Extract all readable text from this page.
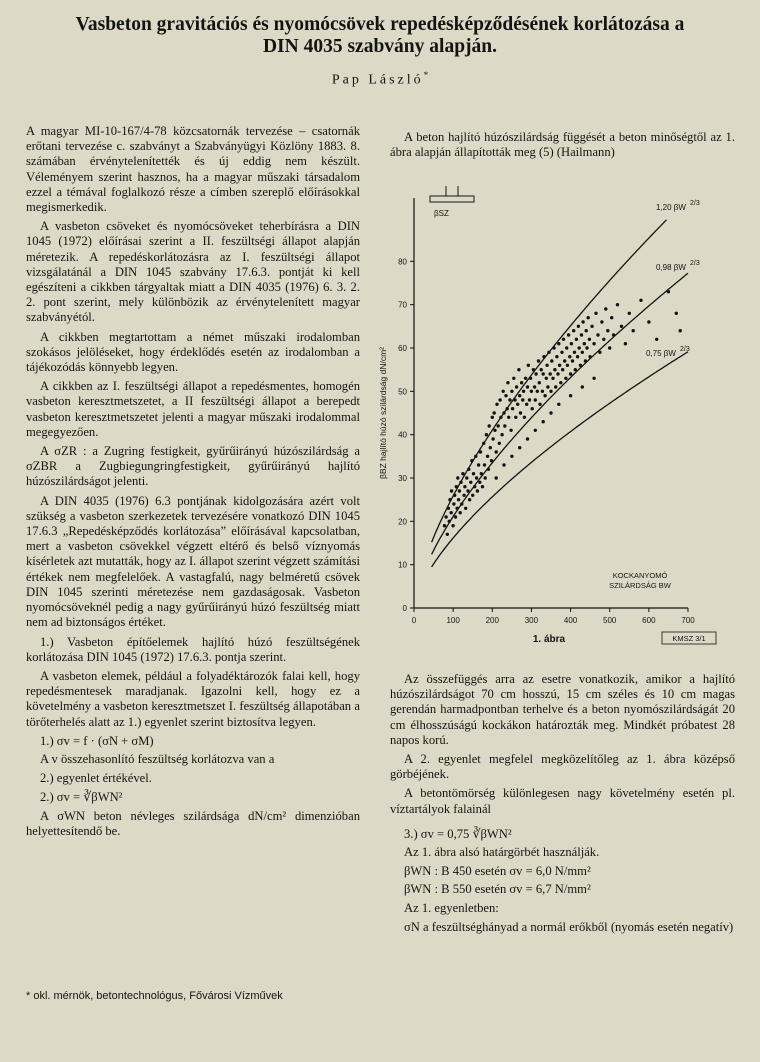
Vasbeton gravitációs és nyomócsövek repedésképződésének korlátozása a
DIN 4035 szabvány alapján.
Pap László*

A magyar MI-10-167/4-78 közcsatornák tervezése – csatornák erőtani tervezése c. szabványt a Szabványügyi Közlöny 1883. 8. számában érvénytelenítették és új eddig nem készült. Véleményem szerint hasznos, ha a magyar műszaki társadalom ezzel a témával foglalkozó része a címben szereplő előírásokkal megismerkedik.

A vasbeton csöveket és nyomócsöveket teherbírásra a DIN 1045 (1972) előírásai szerint a II. feszültségi állapot alapján méretezik. A repedéskorlátozásra az I. feszültségi állapot vizsgálatánál a DIN 1045 szabvány 17.6.3. pontját ki kell egészíteni a cikkben tárgyaltak miatt a DIN 4035 (1976) 6. 3. 2. 2. pont szerint, mely különbözik az érvénytelenített magyar szabványétól.

A cikkben megtartottam a német műszaki irodalomban szokásos jelöléseket, hogy érdeklődés esetén az irodalomban a tájékozódás könnyebb legyen.

A cikkben az I. feszültségi állapot a repedésmentes, homogén vasbeton keresztmetszetet, a II feszültségi állapot a berepedt vasbeton keresztmetszetet jelenti a magyar műszaki irodalommal megegyezően.

A σZR : a Zugring festigkeit, gyűrűirányú húzószilárdság a σZBR a Zugbiegungringfestigkeit, gyűrűirányú hajlító húzószilárdságot jelenti.

A DIN 4035 (1976) 6.3 pontjának kidolgozására azért volt szükség a vasbeton szerkezetek tervezésére vonatkozó DIN 1045 17.6.3 „Repedésképződés korlátozása” előírásával kapcsolatban, mert a vasbeton csövekkel végzett eltérő és belső víznyomás kísérletek azt mutatták, hogy az I. állapot szerint végzett számítási értékek nem megfelelőek. A vastagfalú, nagy belméretű csövek DIN 1045 szerinti méretezése nem gazdaságosak. Vasbeton nyomócsöveknél pedig a nagy gyűrűirányú húzó feszültség miatt nem ad biztonságos értéket.

1.) Vasbeton építőelemek hajlító húzó feszültségének korlátozása DIN 1045 (1972) 17.6.3. pontja szerint.

A vasbeton elemek, például a folyadéktározók falai kell, hogy repedésmentesek maradjanak. Igazolni kell, hogy ez a követelmény a vasbeton keresztmetszet I. feszültség állapotában a törőterhelés alatt az 1.) egyenlet szerint biztosítva legyen.

1.) σv = f · (σN + σM)
A v összehasonlító feszültség korlátozva van a
2.) egyenlet értékével.
2.) σv = ∛βWN²

A σWN beton névleges szilárdsága dN/cm² dimenzióban helyettesítendő be.

* okl. mérnök, betontechnológus, Fővárosi Vízművek

A beton hajlító húzószilárdság függését a beton minőségtől az 1. ábra alapján állapították meg (5) (Hailmann)

0	100	200	300	400	500	600	700
0
10
20
30
40
50
60
70
80
1,20 βW 2/3
0,98 βW 2/3
0,75 βW 2/3
βBZ hajlító húzó szilárdság dN/cm²
KOCKANYOMÓ
SZILÁRDSÁG ΒW
1. ábra	KMSZ 3/1
βSZ

Az összefüggés arra az esetre vonatkozik, amikor a hajlító húzószilárdságot 70 cm hosszú, 15 cm széles és 10 cm magas gerendán harmadpontban terhelve és a beton nyomószilárdságát 20 cm élhosszúságú kockákon határozták meg. Mindkét próbatest 28 napos korú.

A 2. egyenlet megfelel megközelítőleg az 1. ábra középső görbéjének.

A betontömörség különlegesen nagy követelmény esetén pl. víztartályok falainál

3.) σv = 0,75 ∛βWN²
Az 1. ábra alsó határgörbét használják.
βWN : B 450 esetén σv = 6,0 N/mm²
βWN : B 550 esetén σv = 6,7 N/mm²
Az 1. egyenletben:

σN a feszültséghányad a normál erőkből (nyomás esetén negatív)
